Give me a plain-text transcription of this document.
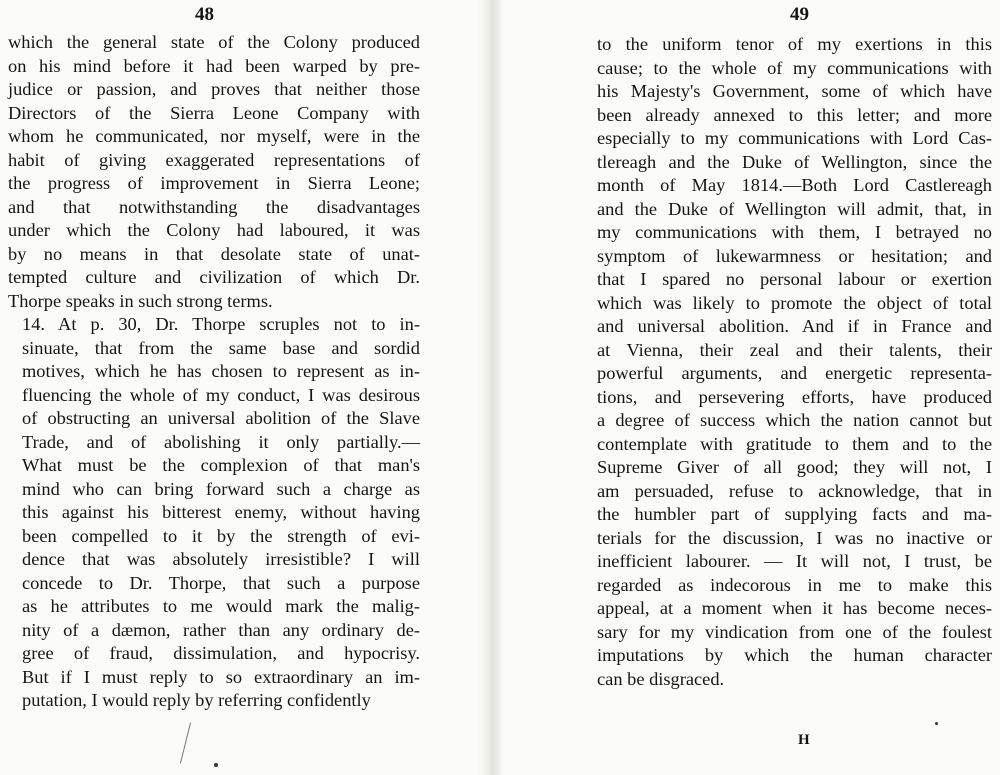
48

which the general state of the Colony produced
on his mind before it had been warped by pre-
judice or passion, and proves that neither those
Directors of the Sierra Leone Company with
whom he communicated, nor myself, were in the
habit of giving exaggerated representations of
the progress of improvement in Sierra Leone;
and that notwithstanding the disadvantages
under which the Colony had laboured, it was
by no means in that desolate state of unat-
tempted culture and civilization of which Dr.
Thorpe speaks in such strong terms.

14. At p. 30, Dr. Thorpe scruples not to in-
sinuate, that from the same base and sordid
motives, which he has chosen to represent as in-
fluencing the whole of my conduct, I was desirous
of obstructing an universal abolition of the Slave
Trade, and of abolishing it only partially.—
What must be the complexion of that man's
mind who can bring forward such a charge as
this against his bitterest enemy, without having
been compelled to it by the strength of evi-
dence that was absolutely irresistible? I will
concede to Dr. Thorpe, that such a purpose
as he attributes to me would mark the malig-
nity of a dæmon, rather than any ordinary de-
gree of fraud, dissimulation, and hypocrisy.
But if I must reply to so extraordinary an im-
putation, I would reply by referring confidently

49

to the uniform tenor of my exertions in this
cause; to the whole of my communications with
his Majesty's Government, some of which have
been already annexed to this letter; and more
especially to my communications with Lord Cas-
tlereagh and the Duke of Wellington, since the
month of May 1814.—Both Lord Castlereagh
and the Duke of Wellington will admit, that, in
my communications with them, I betrayed no
symptom of lukewarmness or hesitation; and
that I spared no personal labour or exertion
which was likely to promote the object of total
and universal abolition. And if in France and
at Vienna, their zeal and their talents, their
powerful arguments, and energetic representa-
tions, and persevering efforts, have produced
a degree of success which the nation cannot but
contemplate with gratitude to them and to the
Supreme Giver of all good; they will not, I
am persuaded, refuse to acknowledge, that in
the humbler part of supplying facts and ma-
terials for the discussion, I was no inactive or
inefficient labourer. — It will not, I trust, be
regarded as indecorous in me to make this
appeal, at a moment when it has become neces-
sary for my vindication from one of the foulest
imputations by which the human character
can be disgraced.

H
